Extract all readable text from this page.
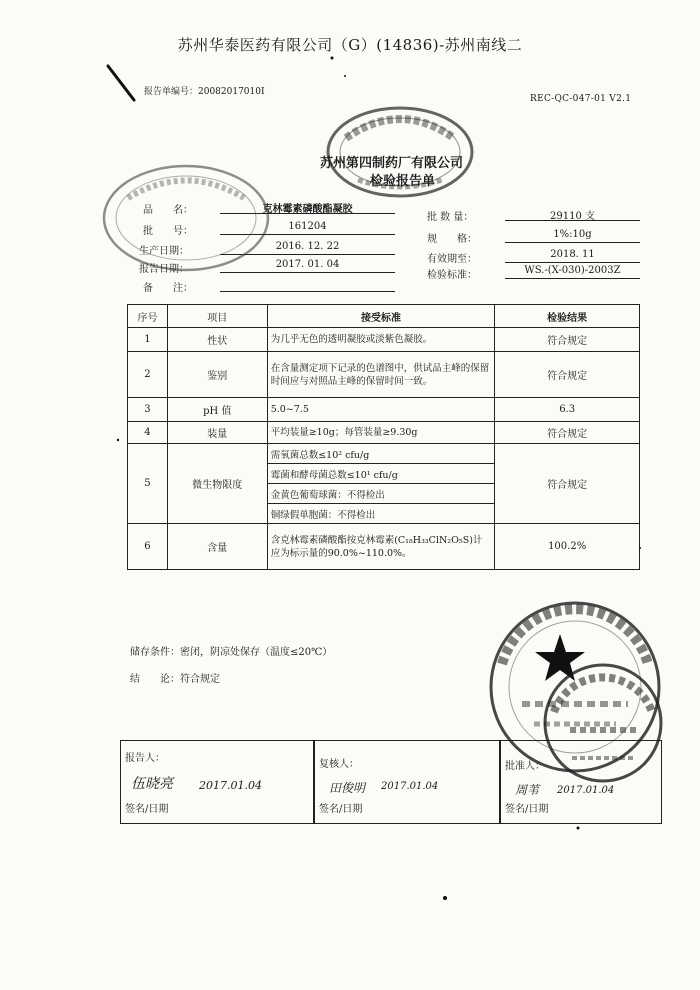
苏州华泰医药有限公司（G）(14836)-苏州南线二
报告单编号：20082017010I
REC-QC-047-01 V2.1
苏州第四制药厂有限公司
检验报告单
品　　名：	克林霉素磷酸酯凝胶
批　　号：	161204
生产日期：	2016. 12. 22
报告日期：	2017. 01. 04
备　　注：
批 数 量：	29110 支
规　　格：	1%:10g
有效期至：	2018. 11
检验标准：	WS.-(X-030)-2003Z
序号	项目	接受标准	检验结果
1	性状	为几乎无色的透明凝胶或淡紫色凝胶。	符合规定
2	鉴别	在含量测定项下记录的色谱图中，供试品主峰的保留时间应与对照品主峰的保留时间一致。	符合规定
3	pH 值	5.0~7.5	6.3
4	装量	平均装量≥10g；每管装量≥9.30g	符合规定
5	微生物限度	需氧菌总数≤10² cfu/g	符合规定
		霉菌和酵母菌总数≤10¹ cfu/g	
		金黄色葡萄球菌：不得检出	
		铜绿假单胞菌：不得检出	
6	含量	含克林霉素磷酸酯按克林霉素(C₁₈H₃₃ClN₂O₅S)计应为标示量的90.0%~110.0%。	100.2%
储存条件：密闭，阴凉处保存（温度≤20℃）
结　　论：符合规定
报告人：
伍晓亮 2017.01.04
签名/日期
复核人：
田俊明 2017.01.04
签名/日期
批准人：
周苇 2017.01.04
签名/日期
